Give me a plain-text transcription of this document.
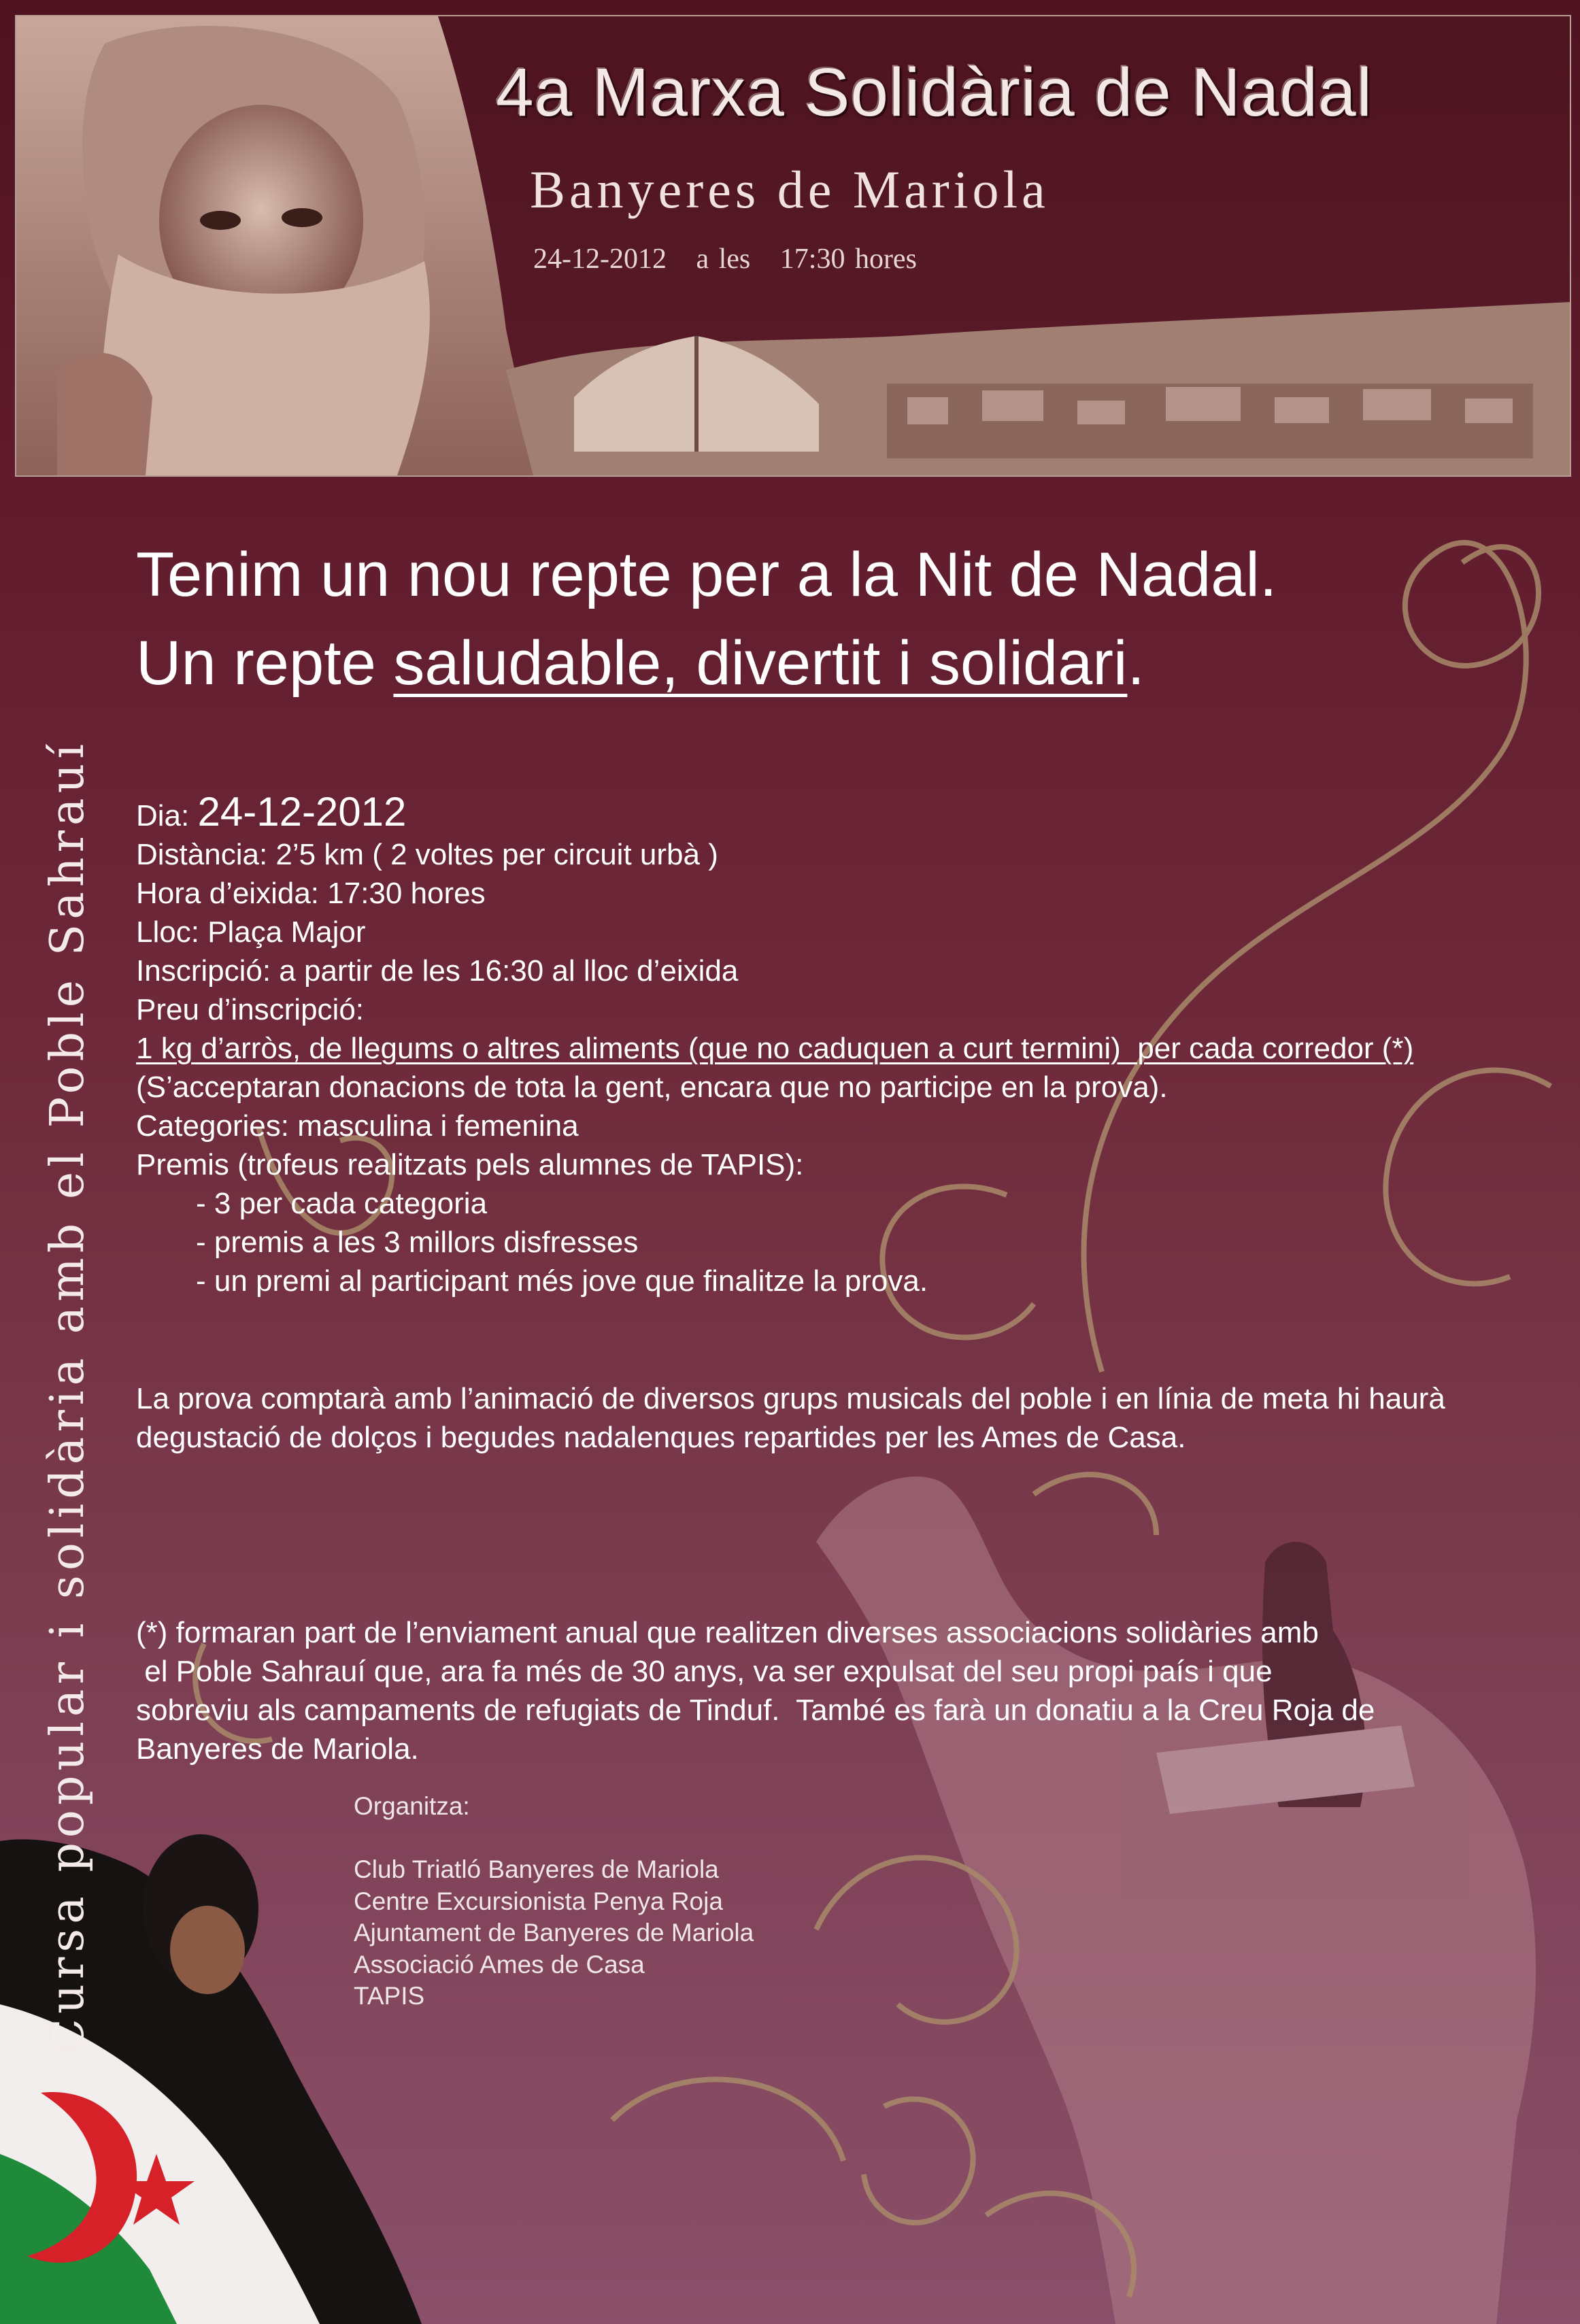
4a Marxa Solidària de Nadal
Banyeres de Mariola
24-12-2012   a les   17:30 hores
Cursa popular i solidària amb el Poble Sahrauí
Tenim un nou repte per a la Nit de Nadal.
Un repte saludable, divertit i solidari.
Dia: 24-12-2012
Distància: 2’5 km ( 2 voltes per circuit urbà )
Hora d’eixida: 17:30 hores
Lloc: Plaça Major
Inscripció: a partir de les 16:30 al lloc d’eixida
Preu d’inscripció:
1 kg d’arròs, de llegums o altres aliments (que no caduquen a curt termini)  per cada corredor (*)
(S’acceptaran donacions de tota la gent, encara que no participe en la prova).
Categories: masculina i femenina
Premis (trofeus realitzats pels alumnes de TAPIS):
- 3 per cada categoria
- premis a les 3 millors disfresses
- un premi al participant més jove que finalitze la prova.
La prova comptarà amb l’animació de diversos grups musicals del poble i en línia de meta hi haurà
degustació de dolços i begudes nadalenques repartides per les Ames de Casa.
(*) formaran part de l’enviament anual que realitzen diverses associacions solidàries amb
el Poble Sahrauí que, ara fa més de 30 anys, va ser expulsat del seu propi país i que
sobreviu als campaments de refugiats de Tinduf.  També es farà un donatiu a la Creu Roja de
Banyeres de Mariola.
Organitza:
Club Triatló Banyeres de Mariola
Centre Excursionista Penya Roja
Ajuntament de Banyeres de Mariola
Associació Ames de Casa
TAPIS
